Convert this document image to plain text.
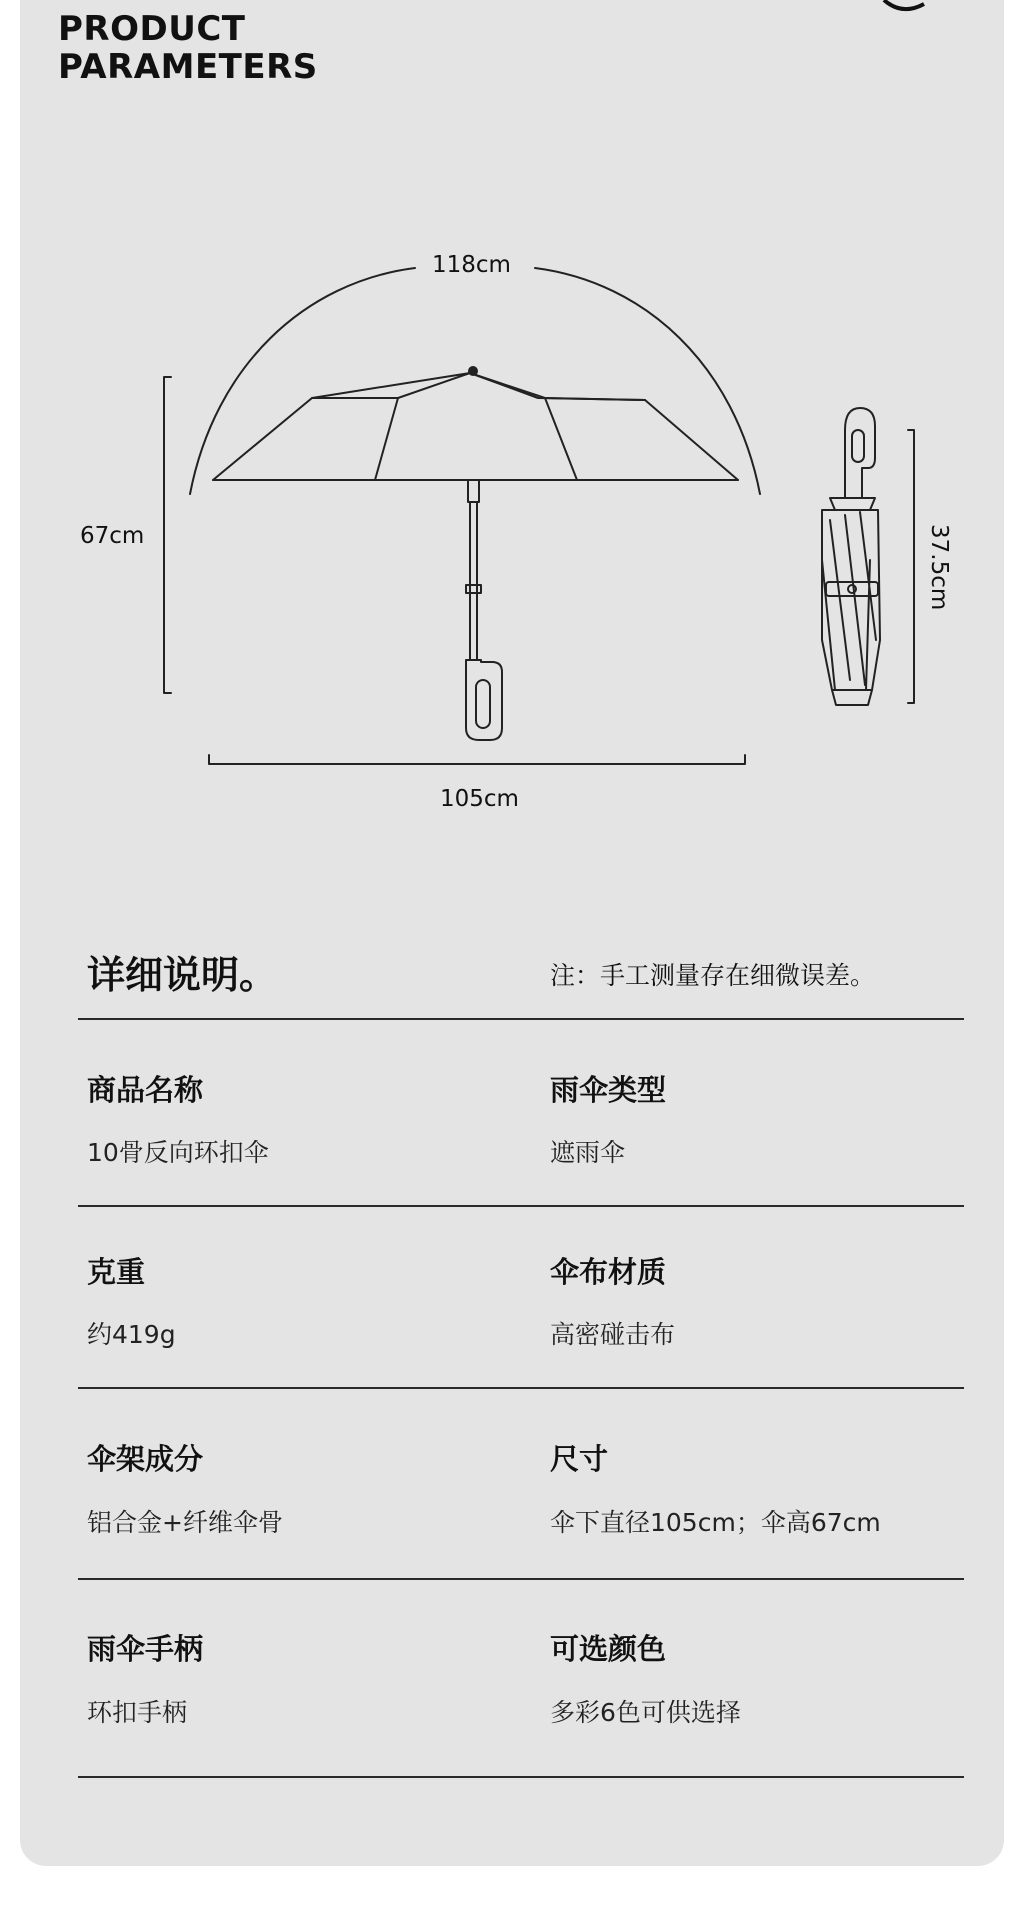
PRODUCT
PARAMETERS
118cm
67cm
105cm
37.5cm
详细说明。	注：手工测量存在细微误差。
商品名称
10骨反向环扣伞
雨伞类型
遮雨伞
克重
约419g
伞布材质
高密碰击布
伞架成分
铝合金+纤维伞骨
尺寸
伞下直径105cm；伞高67cm
雨伞手柄
环扣手柄
可选颜色
多彩6色可供选择
